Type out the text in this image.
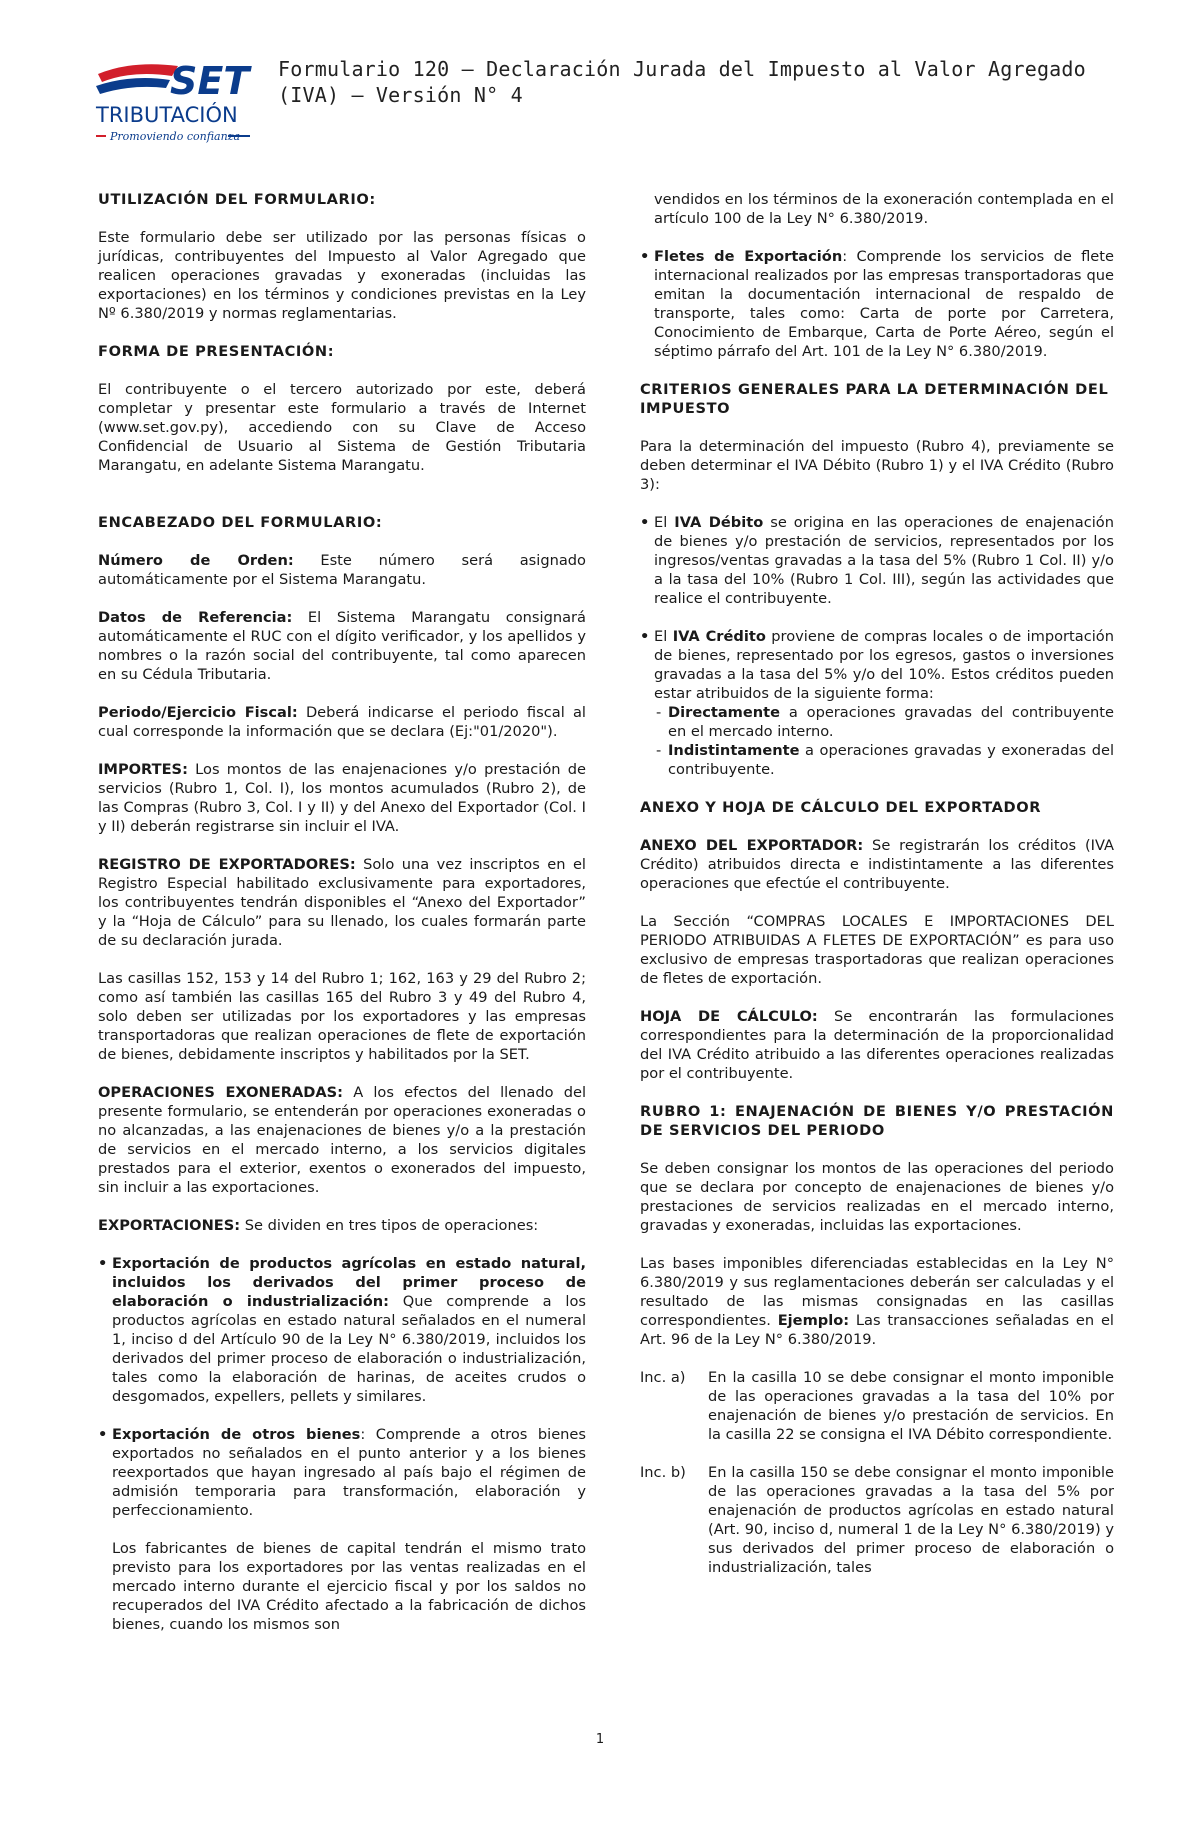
SET
TRIBUTACIÓN
Promoviendo confianza
Formulario 120 – Declaración Jurada del Impuesto al Valor Agregado
(IVA) – Versión N° 4
UTILIZACIÓN DEL FORMULARIO:

Este formulario debe ser utilizado por las personas físicas o jurídicas, contribuyentes del Impuesto al Valor Agregado que realicen operaciones gravadas y exoneradas (incluidas las exportaciones) en los términos y condiciones previstas en la Ley Nº 6.380/2019 y normas reglamentarias.

FORMA DE PRESENTACIÓN:

El contribuyente o el tercero autorizado por este, deberá completar y presentar este formulario a través de Internet (www.set.gov.py), accediendo con su Clave de Acceso Confidencial de Usuario al Sistema de Gestión Tributaria Marangatu, en adelante Sistema Marangatu.

ENCABEZADO DEL FORMULARIO:

Número de Orden: Este número será asignado automáticamente por el Sistema Marangatu.

Datos de Referencia: El Sistema Marangatu consignará automáticamente el RUC con el dígito verificador, y los apellidos y nombres o la razón social del contribuyente, tal como aparecen en su Cédula Tributaria.

Periodo/Ejercicio Fiscal: Deberá indicarse el periodo fiscal al cual corresponde la información que se declara (Ej:"01/2020").

IMPORTES: Los montos de las enajenaciones y/o prestación de servicios (Rubro 1, Col. I), los montos acumulados (Rubro 2), de las Compras (Rubro 3, Col. I y II) y del Anexo del Exportador (Col. I y II) deberán registrarse sin incluir el IVA.

REGISTRO DE EXPORTADORES: Solo una vez inscriptos en el Registro Especial habilitado exclusivamente para exportadores, los contribuyentes tendrán disponibles el “Anexo del Exportador” y la “Hoja de Cálculo” para su llenado, los cuales formarán parte de su declaración jurada.

Las casillas 152, 153 y 14 del Rubro 1; 162, 163 y 29 del Rubro 2; como así también las casillas 165 del Rubro 3 y 49 del Rubro 4, solo deben ser utilizadas por los exportadores y las empresas transportadoras que realizan operaciones de flete de exportación de bienes, debidamente inscriptos y habilitados por la SET.

OPERACIONES EXONERADAS: A los efectos del llenado del presente formulario, se entenderán por operaciones exoneradas o no alcanzadas, a las enajenaciones de bienes y/o a la prestación de servicios en el mercado interno, a los servicios digitales prestados para el exterior, exentos o exonerados del impuesto, sin incluir a las exportaciones.

EXPORTACIONES: Se dividen en tres tipos de operaciones:

• Exportación de productos agrícolas en estado natural, incluidos los derivados del primer proceso de elaboración o industrialización: Que comprende a los productos agrícolas en estado natural señalados en el numeral 1, inciso d del Artículo 90 de la Ley N° 6.380/2019, incluidos los derivados del primer proceso de elaboración o industrialización, tales como la elaboración de harinas, de aceites crudos o desgomados, expellers, pellets y similares.
• Exportación de otros bienes: Comprende a otros bienes exportados no señalados en el punto anterior y a los bienes reexportados que hayan ingresado al país bajo el régimen de admisión temporaria para transformación, elaboración y perfeccionamiento.

Los fabricantes de bienes de capital tendrán el mismo trato previsto para los exportadores por las ventas realizadas en el mercado interno durante el ejercicio fiscal y por los saldos no recuperados del IVA Crédito afectado a la fabricación de dichos bienes, cuando los mismos son

vendidos en los términos de la exoneración contemplada en el artículo 100 de la Ley N° 6.380/2019.

• Fletes de Exportación: Comprende los servicios de flete internacional realizados por las empresas transportadoras que emitan la documentación internacional de respaldo de transporte, tales como: Carta de porte por Carretera, Conocimiento de Embarque, Carta de Porte Aéreo, según el séptimo párrafo del Art. 101 de la Ley N° 6.380/2019.
CRITERIOS GENERALES PARA LA DETERMINACIÓN DEL IMPUESTO

Para la determinación del impuesto (Rubro 4), previamente se deben determinar el IVA Débito (Rubro 1) y el IVA Crédito (Rubro 3):

• El IVA Débito se origina en las operaciones de enajenación de bienes y/o prestación de servicios, representados por los ingresos/ventas gravadas a la tasa del 5% (Rubro 1 Col. II) y/o a la tasa del 10% (Rubro 1 Col. III), según las actividades que realice el contribuyente.
• El IVA Crédito proviene de compras locales o de importación de bienes, representado por los egresos, gastos o inversiones gravadas a la tasa del 5% y/o del 10%. Estos créditos pueden estar atribuidos de la siguiente forma:
- Directamente a operaciones gravadas del contribuyente en el mercado interno.
- Indistintamente a operaciones gravadas y exoneradas del contribuyente.
ANEXO Y HOJA DE CÁLCULO DEL EXPORTADOR

ANEXO DEL EXPORTADOR: Se registrarán los créditos (IVA Crédito) atribuidos directa e indistintamente a las diferentes operaciones que efectúe el contribuyente.

La Sección “COMPRAS LOCALES E IMPORTACIONES DEL PERIODO ATRIBUIDAS A FLETES DE EXPORTACIÓN” es para uso exclusivo de empresas trasportadoras que realizan operaciones de fletes de exportación.

HOJA DE CÁLCULO: Se encontrarán las formulaciones correspondientes para la determinación de la proporcionalidad del IVA Crédito atribuido a las diferentes operaciones realizadas por el contribuyente.

RUBRO 1: ENAJENACIÓN DE BIENES Y/O PRESTACIÓN DE SERVICIOS DEL PERIODO

Se deben consignar los montos de las operaciones del periodo que se declara por concepto de enajenaciones de bienes y/o prestaciones de servicios realizadas en el mercado interno, gravadas y exoneradas, incluidas las exportaciones.

Las bases imponibles diferenciadas establecidas en la Ley N° 6.380/2019 y sus reglamentaciones deberán ser calculadas y el resultado de las mismas consignadas en las casillas correspondientes. Ejemplo: Las transacciones señaladas en el Art. 96 de la Ley N° 6.380/2019.

Inc. a)	En la casilla 10 se debe consignar el monto imponible de las operaciones gravadas a la tasa del 10% por enajenación de bienes y/o prestación de servicios. En la casilla 22 se consigna el IVA Débito correspondiente.
Inc. b)	En la casilla 150 se debe consignar el monto imponible de las operaciones gravadas a la tasa del 5% por enajenación de productos agrícolas en estado natural (Art. 90, inciso d, numeral 1 de la Ley N° 6.380/2019) y sus derivados del primer proceso de elaboración o industrialización, tales
1
